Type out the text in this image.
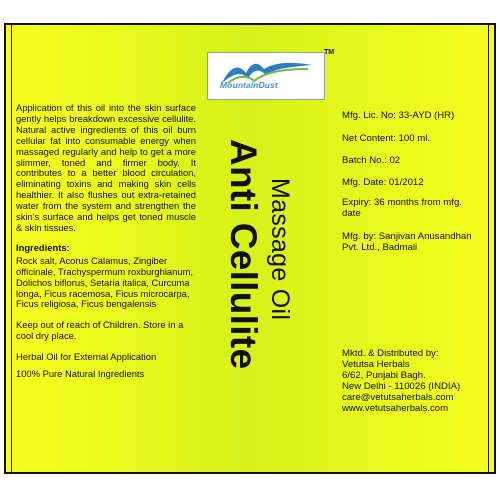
MountainDust
TM
Application of this oil into the skin surface gently helps breakdown excessive cellulite. Natural active ingredients of this oil burn cellular fat into consumable energy when massaged regularly and help to get a more slimmer, toned and firmer body. It contributes to a better blood circulation, eliminating toxins and making skin cells healthier. It also flushes out extra-retained water from the system and strengthen the skin's surface and helps get toned muscle & skin tissues.
Ingredients:
Rock salt, Acorus Calamus, Zingiber officinale, Trachyspermum roxburghianum, Dolichos biflorus, Setaria italica, Curcuma longa, Ficus racemosa, Ficus microcarpa, Ficus religiosa, Ficus bengalensis
Keep out of reach of Children. Store in a cool dry place.
Herbal Oil for External Application
100% Pure Natural Ingredients
Anti Cellulite Massage Oil
Mfg. Lic. No: 33-AYD (HR)
Net Content: 100 ml.
Batch No.: 02
Mfg. Date: 01/2012
Expiry: 36 months from mfg. date
Mfg. by: Sanjivan Anusandhan Pvt. Ltd., Badmali
Mktd. & Distributed by:
Vetutsa Herbals
6/62, Punjabi Bagh.
New Delhi - 110026 (INDIA)
care@vetutsaherbals.com
www.vetutsaherbals.com
